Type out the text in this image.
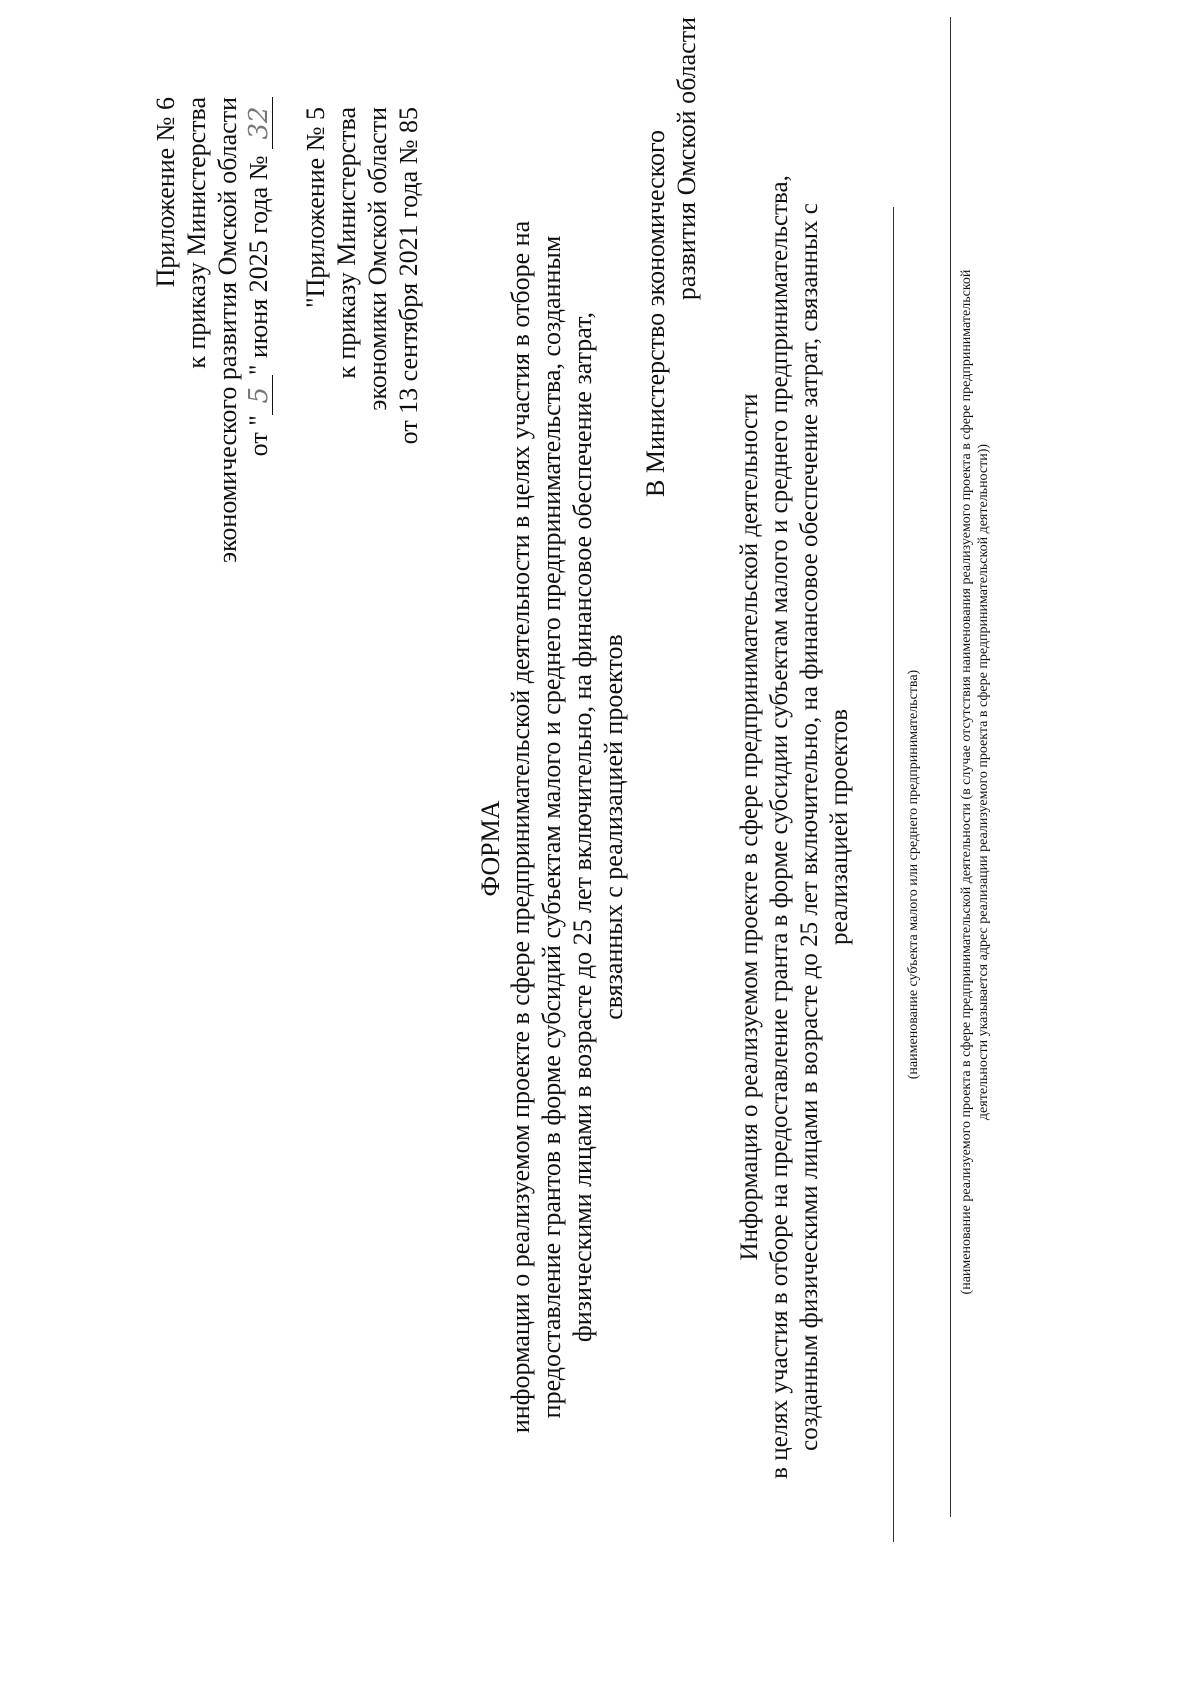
Приложение № 6 к приказу Министерства экономического развития Омской области от "5" июня 2025 года № 32 "Приложение № 5 к приказу Министерства экономики Омской области от 13 сентября 2021 года № 85
ФОРМА информации о реализуемом проекте в сфере предпринимательской деятельности в целях участия в отборе на предоставление грантов в форме субсидий субъектам малого и среднего предпринимательства, созданным физическими лицами в возрасте до 25 лет включительно, на финансовое обеспечение затрат, связанных с реализацией проектов
В Министерство экономического развития Омской области
Информация о реализуемом проекте в сфере предпринимательской деятельности в целях участия в отборе на предоставление гранта в форме субсидии субъектам малого и среднего предпринимательства, созданным физическими лицами в возрасте до 25 лет включительно, на финансовое обеспечение затрат, связанных с реализацией проектов	(наименование субъекта малого или среднего предпринимательства)	(наименование реализуемого проекта в сфере предпринимательской деятельности (в случае отсутствия наименования реализуемого проекта в сфере предпринимательской деятельности указывается адрес реализации реализуемого проекта в сфере предпринимательской деятельности))
